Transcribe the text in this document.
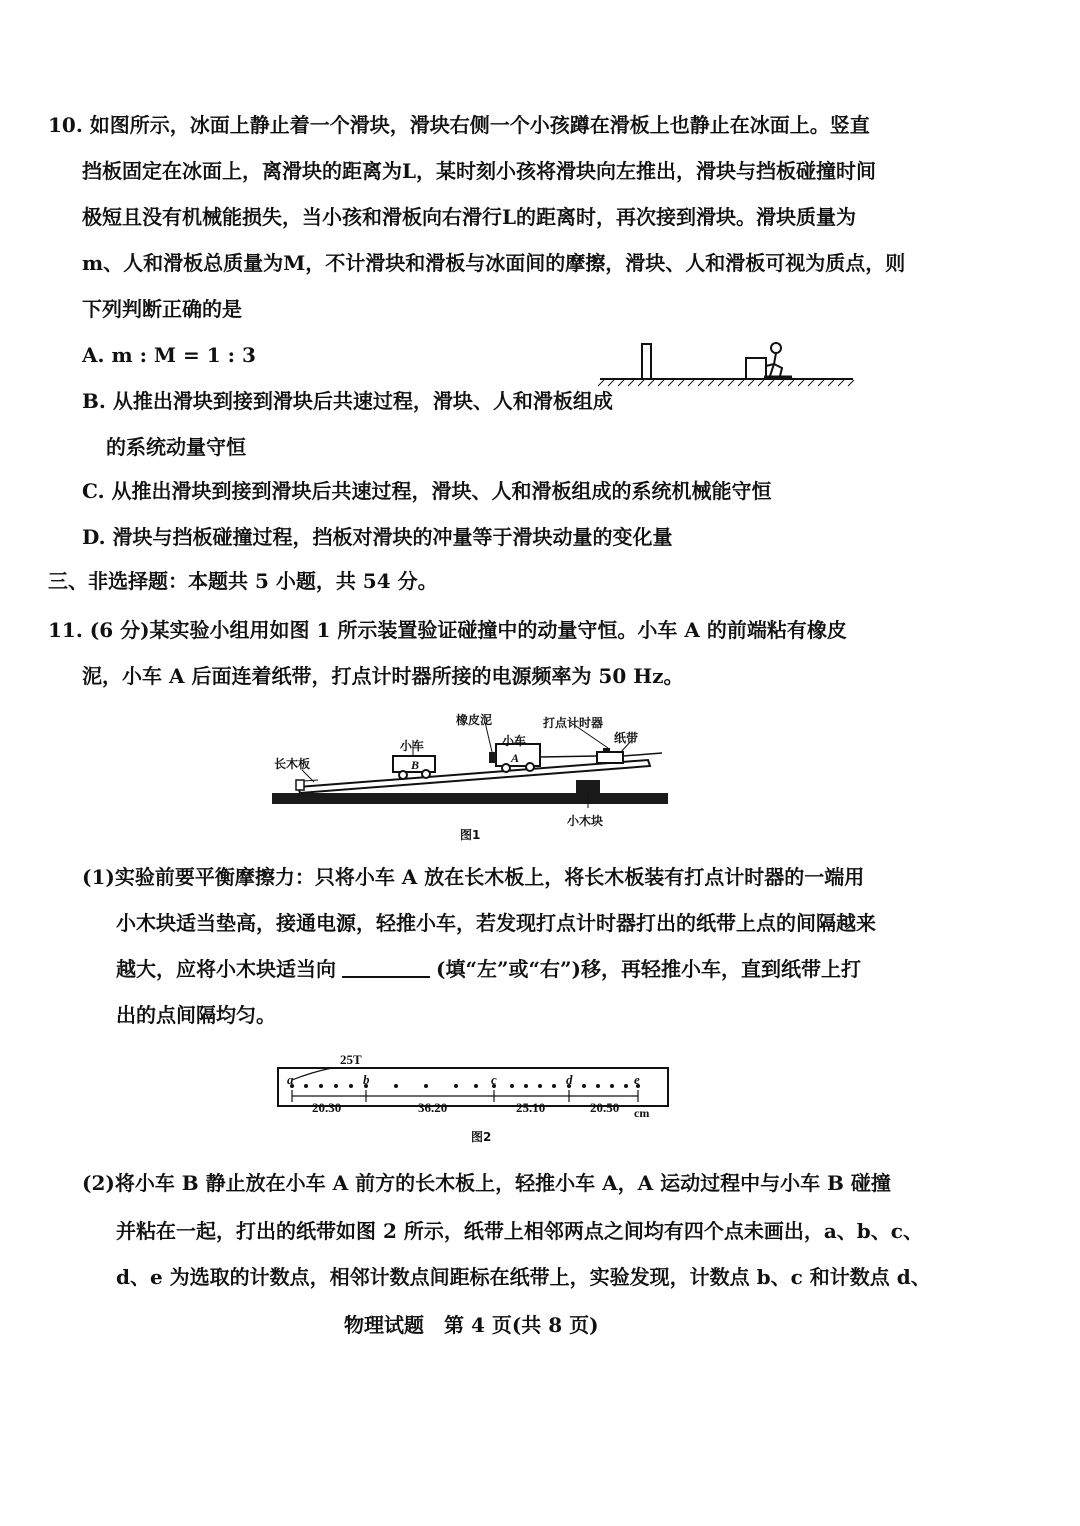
10. 如图所示，冰面上静止着一个滑块，滑块右侧一个小孩蹲在滑板上也静止在冰面上。竖直
挡板固定在冰面上，离滑块的距离为L，某时刻小孩将滑块向左推出，滑块与挡板碰撞时间
极短且没有机械能损失，当小孩和滑板向右滑行L的距离时，再次接到滑块。滑块质量为
m、人和滑板总质量为M，不计滑块和滑板与冰面间的摩擦，滑块、人和滑板可视为质点，则
下列判断正确的是
A. m : M = 1 : 3
B. 从推出滑块到接到滑块后共速过程，滑块、人和滑板组成
的系统动量守恒
C. 从推出滑块到接到滑块后共速过程，滑块、人和滑板组成的系统机械能守恒
D. 滑块与挡板碰撞过程，挡板对滑块的冲量等于滑块动量的变化量
三、非选择题：本题共 5 小题，共 54 分。
11. (6 分)某实验小组用如图 1 所示装置验证碰撞中的动量守恒。小车 A 的前端粘有橡皮
泥，小车 A 后面连着纸带，打点计时器所接的电源频率为 50 Hz。
长木板
小车
B
橡皮泥
小车
A
打点计时器
纸带
小木块
图1
(1)实验前要平衡摩擦力：只将小车 A 放在长木板上，将长木板装有打点计时器的一端用
小木块适当垫高，接通电源，轻推小车，若发现打点计时器打出的纸带上点的间隔越来
越大，应将小木块适当向	(填“左”或“右”)移，再轻推小车，直到纸带上打
出的点间隔均匀。
25T
a	b	c	d	e
20.30	36.20	25.10	20.50 cm
图2
(2)将小车 B 静止放在小车 A 前方的长木板上，轻推小车 A，A 运动过程中与小车 B 碰撞
并粘在一起，打出的纸带如图 2 所示，纸带上相邻两点之间均有四个点未画出，a、b、c、
d、e 为选取的计数点，相邻计数点间距标在纸带上，实验发现，计数点 b、c 和计数点 d、
物理试题　第 4 页(共 8 页)
